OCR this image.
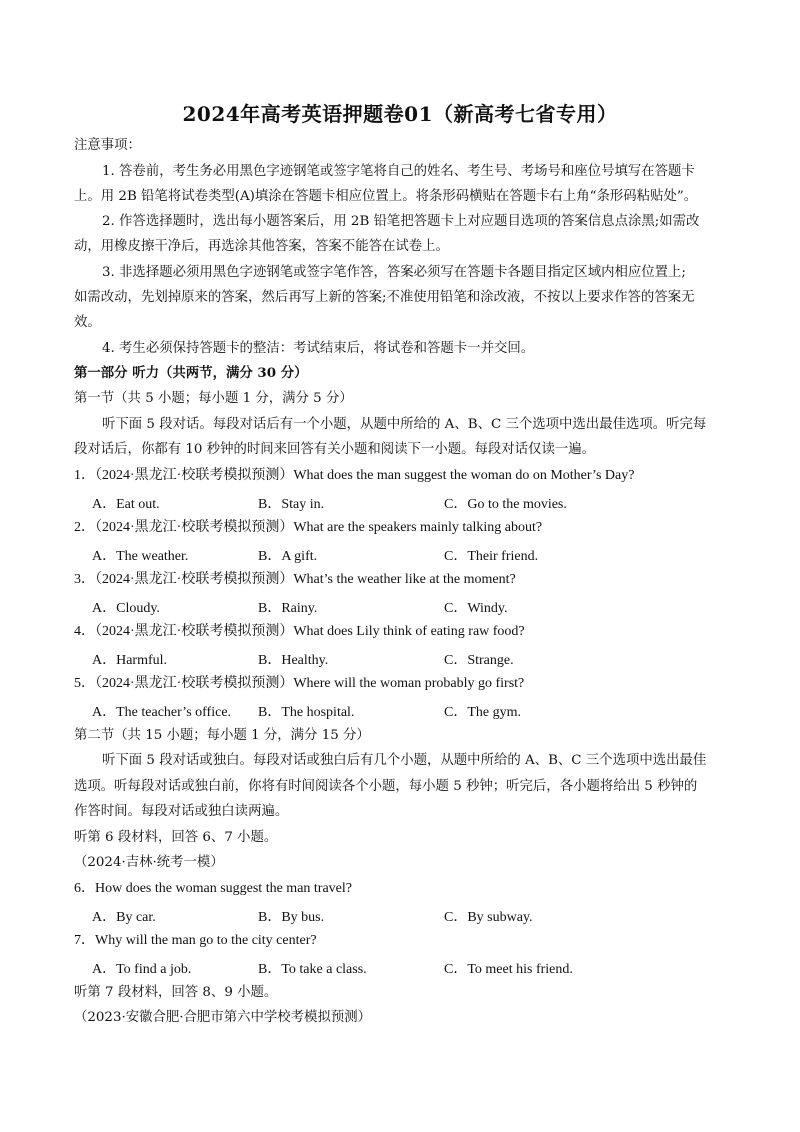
2024年高考英语押题卷01（新高考七省专用）
注意事项：
1. 答卷前，考生务必用黑色字迹钢笔或签字笔将自己的姓名、考生号、考场号和座位号填写在答题卡
上。用 2B 铅笔将试卷类型(A)填涂在答题卡相应位置上。将条形码横贴在答题卡右上角“条形码粘贴处”。
2. 作答选择题时，选出每小题答案后，用 2B 铅笔把答题卡上对应题目选项的答案信息点涂黑;如需改
动，用橡皮擦干净后，再选涂其他答案，答案不能答在试卷上。
3. 非选择题必须用黑色字迹钢笔或签字笔作答，答案必须写在答题卡各题目指定区域内相应位置上;
如需改动，先划掉原来的答案，然后再写上新的答案;不准使用铅笔和涂改液，不按以上要求作答的答案无
效。
4. 考生必须保持答题卡的整洁：考试结束后，将试卷和答题卡一并交回。
第一部分 听力（共两节，满分 30 分）
第一节（共 5 小题；每小题 1 分，满分 5 分）
听下面 5 段对话。每段对话后有一个小题，从题中所给的 A、B、C 三个选项中选出最佳选项。听完每
段对话后，你都有 10 秒钟的时间来回答有关小题和阅读下一小题。每段对话仅读一遍。
1．（2024·黑龙江·校联考模拟预测）What does the man suggest the woman do on Mother’s Day?
A．Eat out.	B．Stay in.	C．Go to the movies.
2．（2024·黑龙江·校联考模拟预测）What are the speakers mainly talking about?
A．The weather.	B．A gift.	C．Their friend.
3．（2024·黑龙江·校联考模拟预测）What’s the weather like at the moment?
A．Cloudy.	B．Rainy.	C．Windy.
4．（2024·黑龙江·校联考模拟预测）What does Lily think of eating raw food?
A．Harmful.	B．Healthy.	C．Strange.
5．（2024·黑龙江·校联考模拟预测）Where will the woman probably go first?
A．The teacher’s office. B．The hospital.	C．The gym.
第二节（共 15 小题；每小题 1 分，满分 15 分）
听下面 5 段对话或独白。每段对话或独白后有几个小题，从题中所给的 A、B、C 三个选项中选出最佳
选项。听每段对话或独白前，你将有时间阅读各个小题，每小题 5 秒钟；听完后，各小题将给出 5 秒钟的
作答时间。每段对话或独白读两遍。
听第 6 段材料，回答 6、7 小题。
（2024·吉林·统考一模）
6．How does the woman suggest the man travel?
A．By car.	B．By bus.	C．By subway.
7．Why will the man go to the city center?
A．To find a job.	B．To take a class.	C．To meet his friend.
听第 7 段材料，回答 8、9 小题。
（2023·安徽合肥·合肥市第六中学校考模拟预测）
